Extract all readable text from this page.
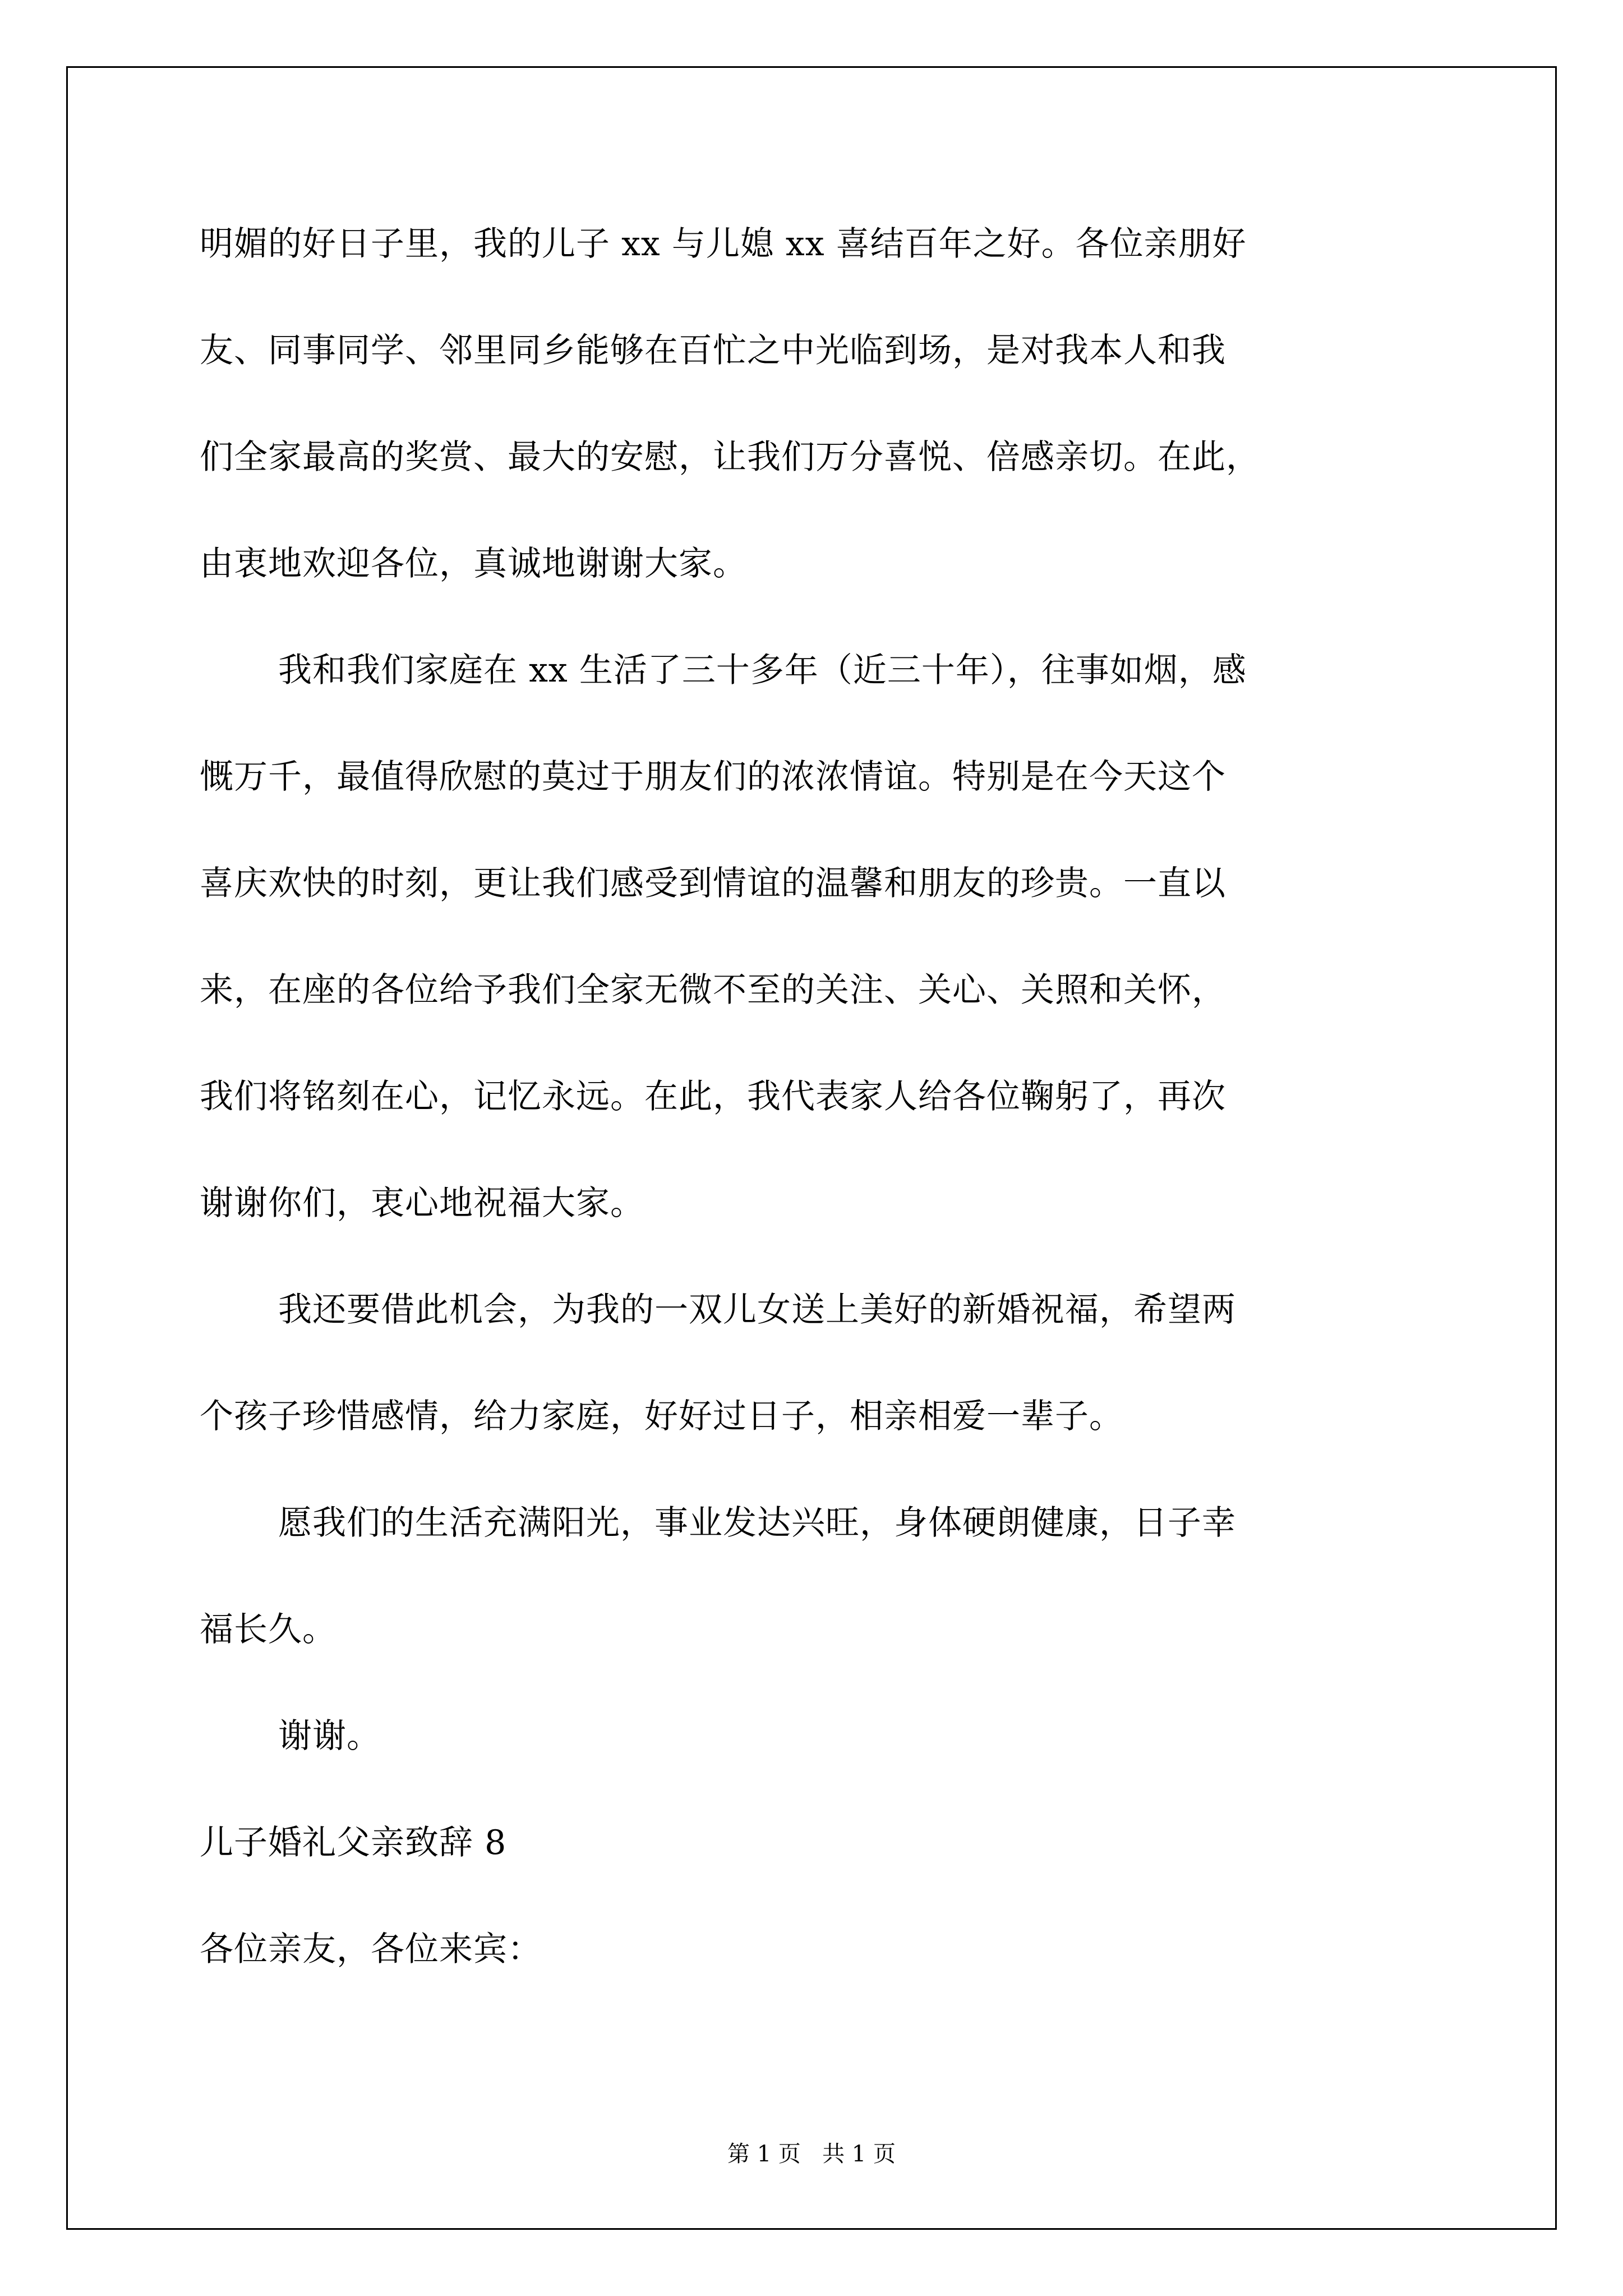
明媚的好日子里，我的儿子 xx 与儿媳 xx 喜结百年之好。各位亲朋好
友、同事同学、邻里同乡能够在百忙之中光临到场，是对我本人和我
们全家最高的奖赏、最大的安慰，让我们万分喜悦、倍感亲切。在此，
由衷地欢迎各位，真诚地谢谢大家。
我和我们家庭在 xx 生活了三十多年（近三十年），往事如烟，感
慨万千，最值得欣慰的莫过于朋友们的浓浓情谊。特别是在今天这个
喜庆欢快的时刻，更让我们感受到情谊的温馨和朋友的珍贵。一直以
来，在座的各位给予我们全家无微不至的关注、关心、关照和关怀，
我们将铭刻在心，记忆永远。在此，我代表家人给各位鞠躬了，再次
谢谢你们，衷心地祝福大家。
我还要借此机会，为我的一双儿女送上美好的新婚祝福，希望两
个孩子珍惜感情，给力家庭，好好过日子，相亲相爱一辈子。
愿我们的生活充满阳光，事业发达兴旺，身体硬朗健康，日子幸
福长久。
谢谢。
儿子婚礼父亲致辞 8
各位亲友，各位来宾：
第 1 页   共 1 页
